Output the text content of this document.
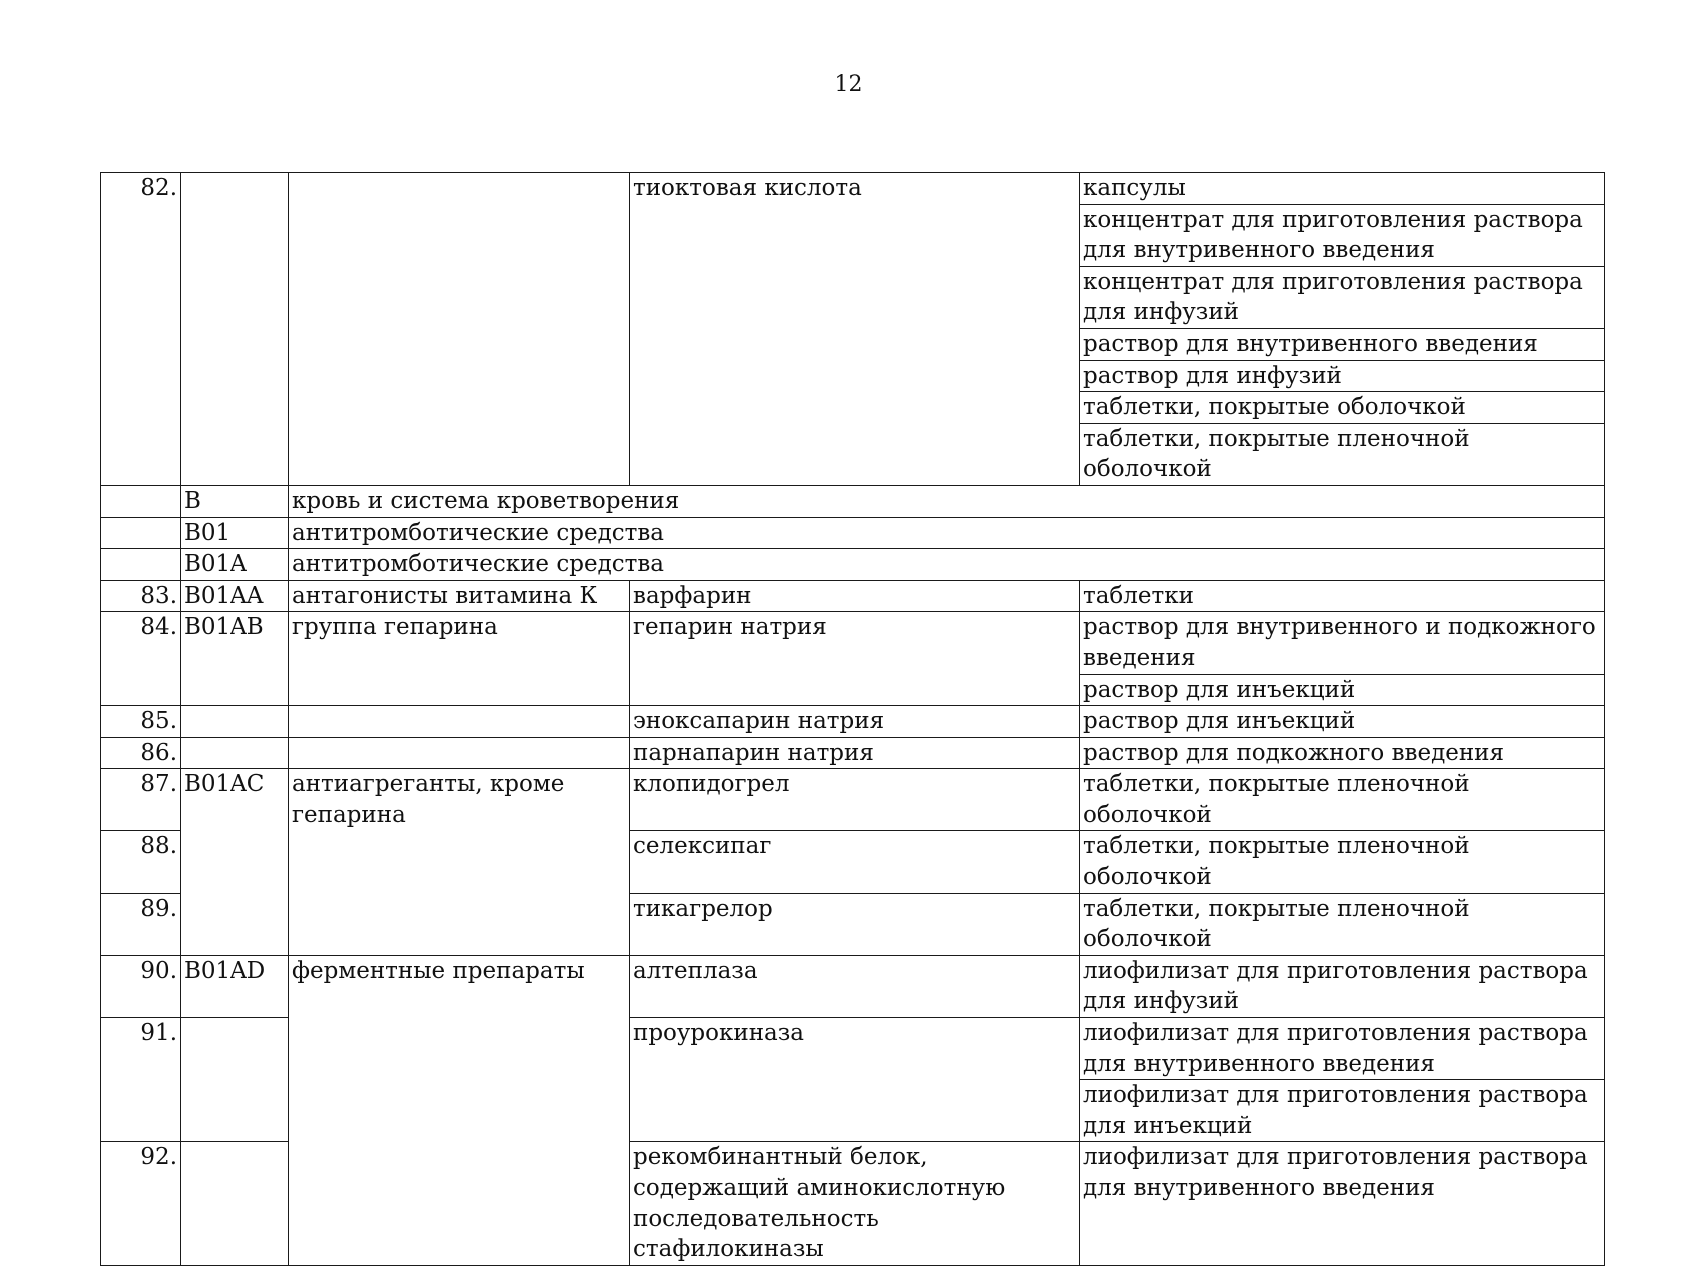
12
82.			тиоктовая кислота	капсулы
				концентрат для приготовления раствора для внутривенного введения
				концентрат для приготовления раствора для инфузий
				раствор для внутривенного введения
				раствор для инфузий
				таблетки, покрытые оболочкой
				таблетки, покрытые пленочной оболочкой
	B	кровь и система кроветворения		
	B01	антитромботические средства		
	B01A	антитромботические средства		
83.	B01AA	антагонисты витамина К	варфарин	таблетки
84.	B01AB	группа гепарина	гепарин натрия	раствор для внутривенного и подкожного введения
				раствор для инъекций
85.			эноксапарин натрия	раствор для инъекций
86.			парнапарин натрия	раствор для подкожного введения
87.	B01AC	антиагреганты, кроме гепарина	клопидогрел	таблетки, покрытые пленочной оболочкой
88.			селексипаг	таблетки, покрытые пленочной оболочкой
89.			тикагрелор	таблетки, покрытые пленочной оболочкой
90.	B01AD	ферментные препараты	алтеплаза	лиофилизат для приготовления раствора для инфузий
91.			проурокиназа	лиофилизат для приготовления раствора для внутривенного введения
				лиофилизат для приготовления раствора для инъекций
92.			рекомбинантный белок, содержащий аминокислотную последовательность стафилокиназы	лиофилизат для приготовления раствора для внутривенного введения
